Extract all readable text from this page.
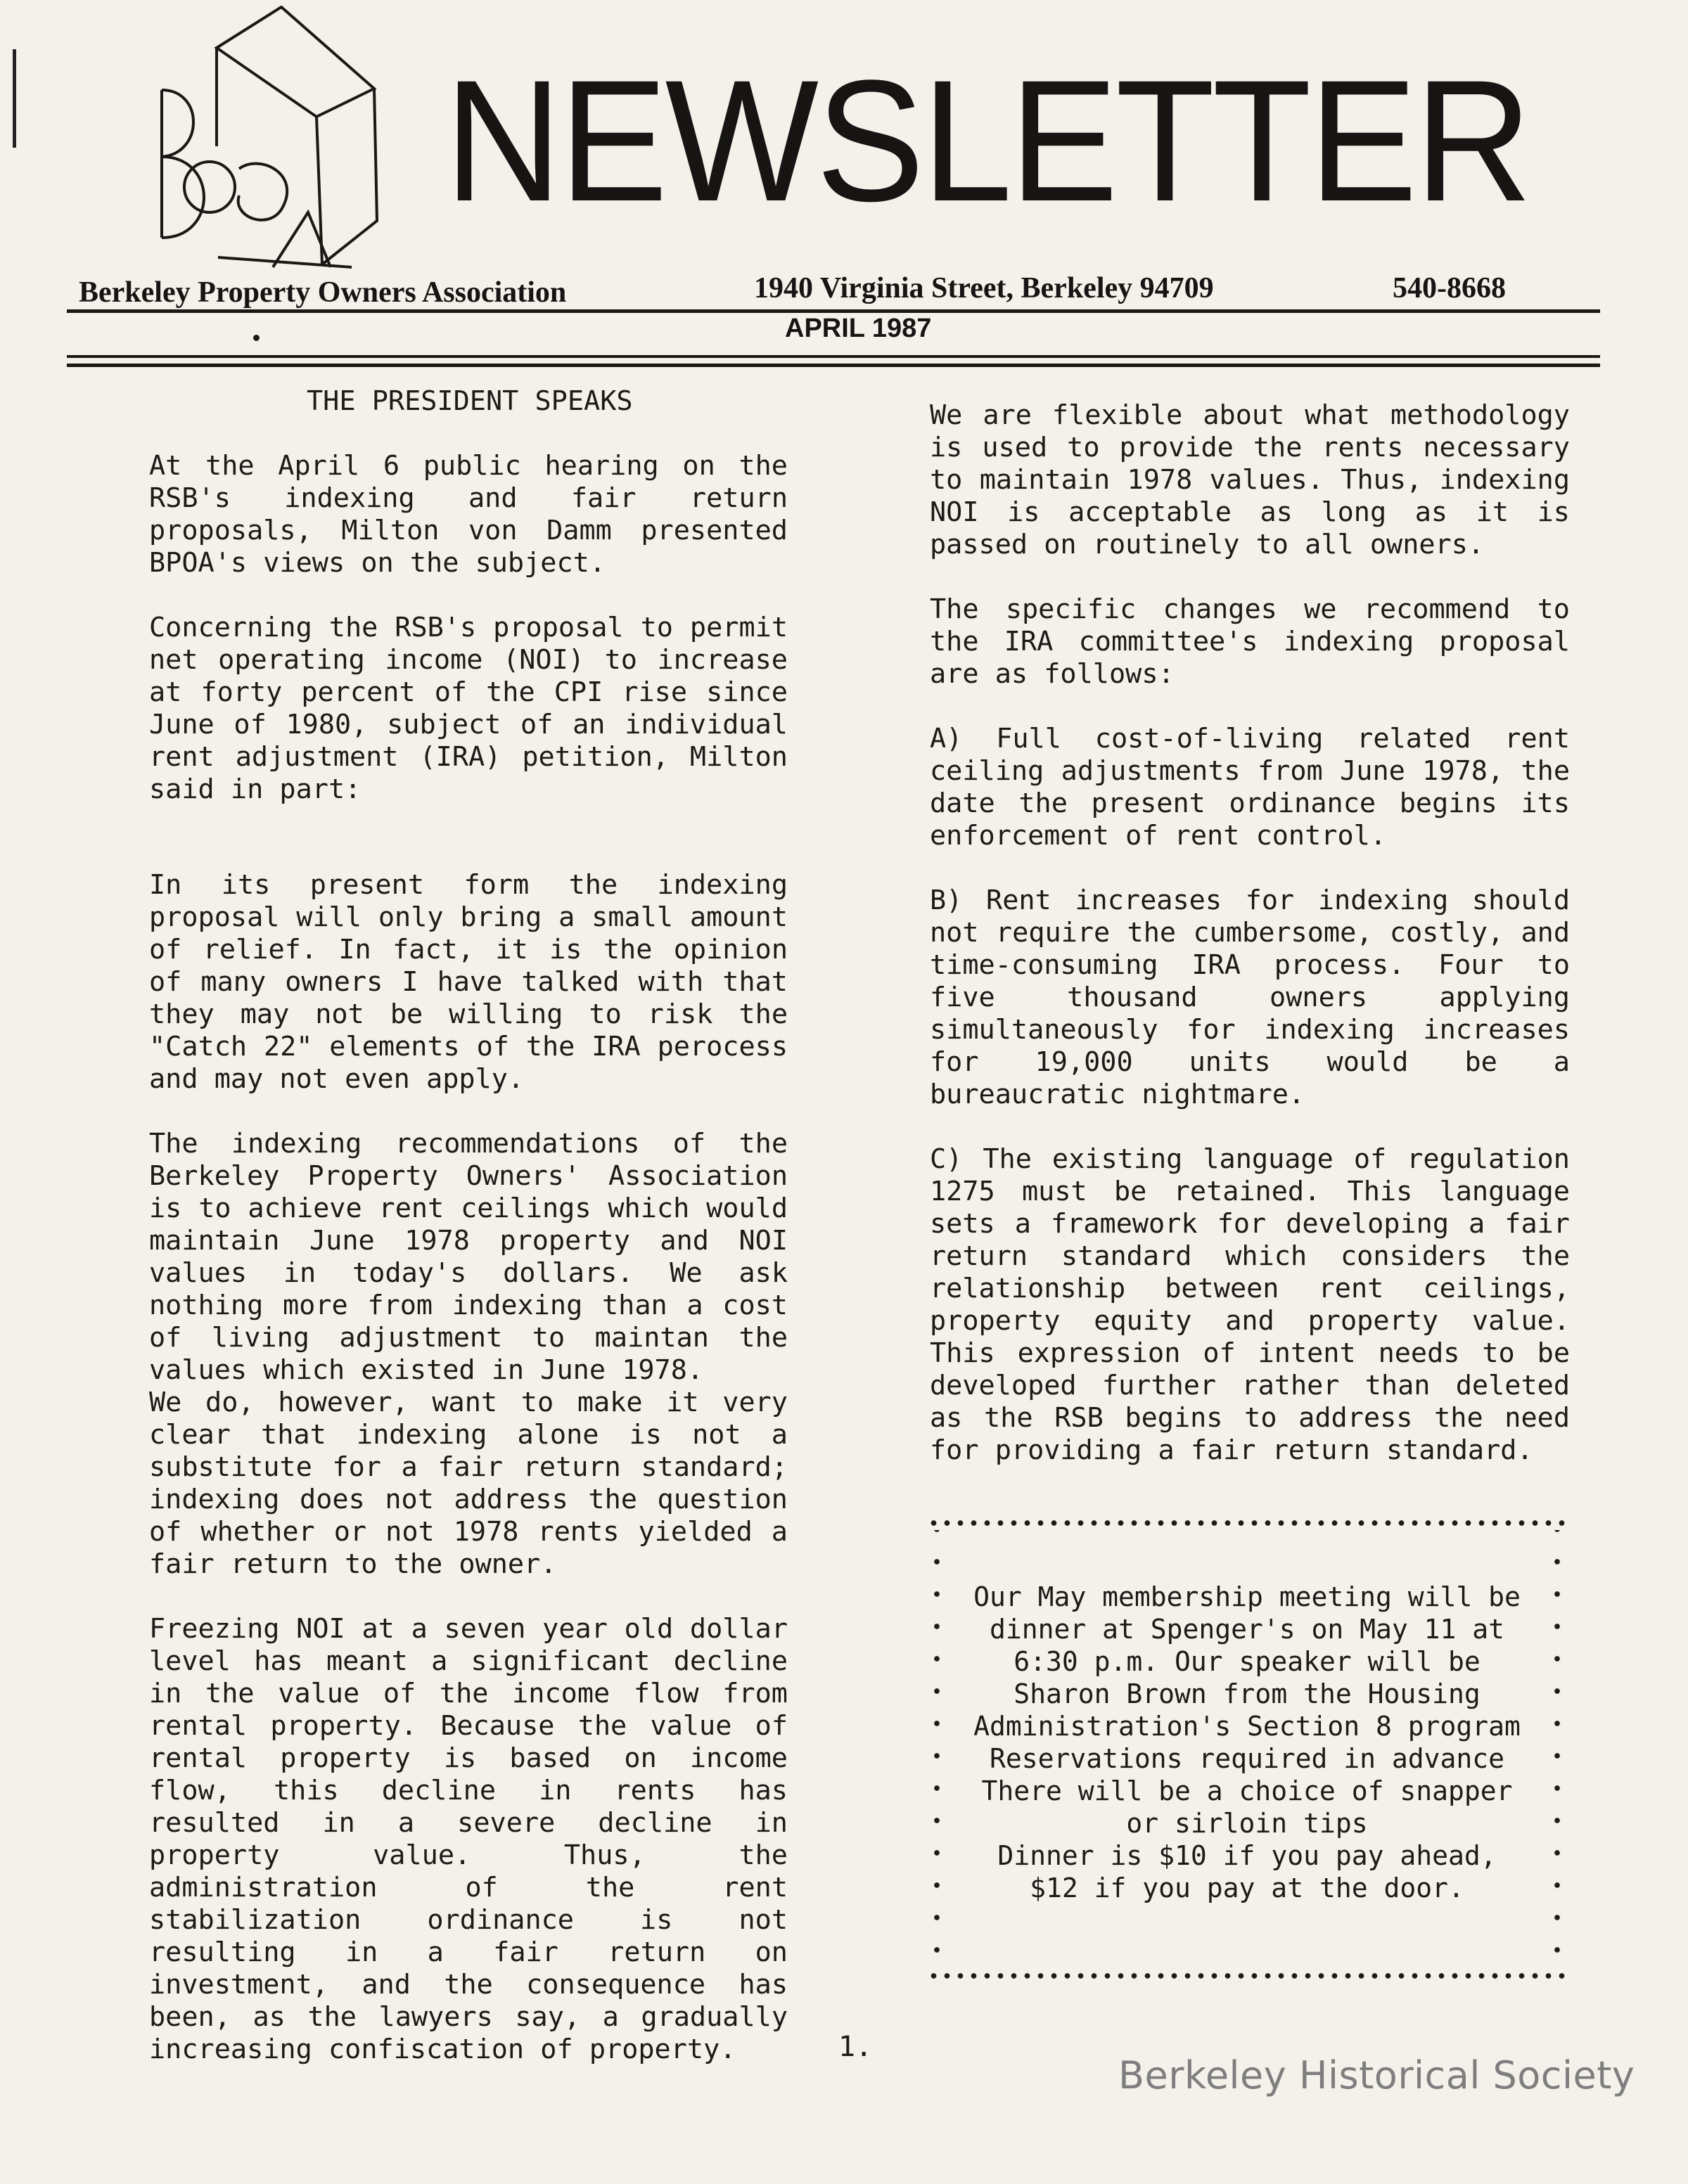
NEWSLETTER
Berkeley Property Owners Association	1940 Virginia Street, Berkeley 94709	540-8668
APRIL 1987

THE PRESIDENT SPEAKS

At the April 6 public hearing on the RSB's indexing and fair return proposals, Milton von Damm presented BPOA's views on the subject.

Concerning the RSB's proposal to permit net operating income (NOI) to increase at forty percent of the CPI rise since June of 1980, subject of an individual rent adjustment (IRA) petition, Milton said in part:

In its present form the indexing proposal will only bring a small amount of relief. In fact, it is the opinion of many owners I have talked with that they may not be willing to risk the "Catch 22" elements of the IRA perocess and may not even apply.

The indexing recommendations of the Berkeley Property Owners' Association is to achieve rent ceilings which would maintain June 1978 property and NOI values in today's dollars. We ask nothing more from indexing than a cost of living adjustment to maintan the values which existed in June 1978.

We do, however, want to make it very clear that indexing alone is not a substitute for a fair return standard; indexing does not address the question of whether or not 1978 rents yielded a fair return to the owner.

Freezing NOI at a seven year old dollar level has meant a significant decline in the value of the income flow from rental property. Because the value of rental property is based on income flow, this decline in rents has resulted in a severe decline in property value. Thus, the administration of the rent stabilization ordinance is not resulting in a fair return on investment, and the consequence has been, as the lawyers say, a gradually increasing confiscation of property.

We are flexible about what methodology is used to provide the rents necessary to maintain 1978 values. Thus, indexing NOI is acceptable as long as it is passed on routinely to all owners.

The specific changes we recommend to the IRA committee's indexing proposal are as follows:

A) Full cost-of-living related rent ceiling adjustments from June 1978, the date the present ordinance begins its enforcement of rent control.

B) Rent increases for indexing should not require the cumbersome, costly, and time-consuming IRA process. Four to five thousand owners applying simultaneously for indexing increases for 19,000 units would be a bureaucratic nightmare.

C) The existing language of regulation 1275 must be retained. This language sets a framework for developing a fair return standard which considers the relationship between rent ceilings, property equity and property value. This expression of intent needs to be developed further rather than deleted as the RSB begins to address the need for providing a fair return standard.

Our May membership meeting will be
dinner at Spenger's on May 11 at
6:30 p.m. Our speaker will be
Sharon Brown from the Housing
Administration's Section 8 program
Reservations required in advance
There will be a choice of snapper
or sirloin tips
Dinner is $10 if you pay ahead,
$12 if you pay at the door.
1.
Berkeley Historical Society
